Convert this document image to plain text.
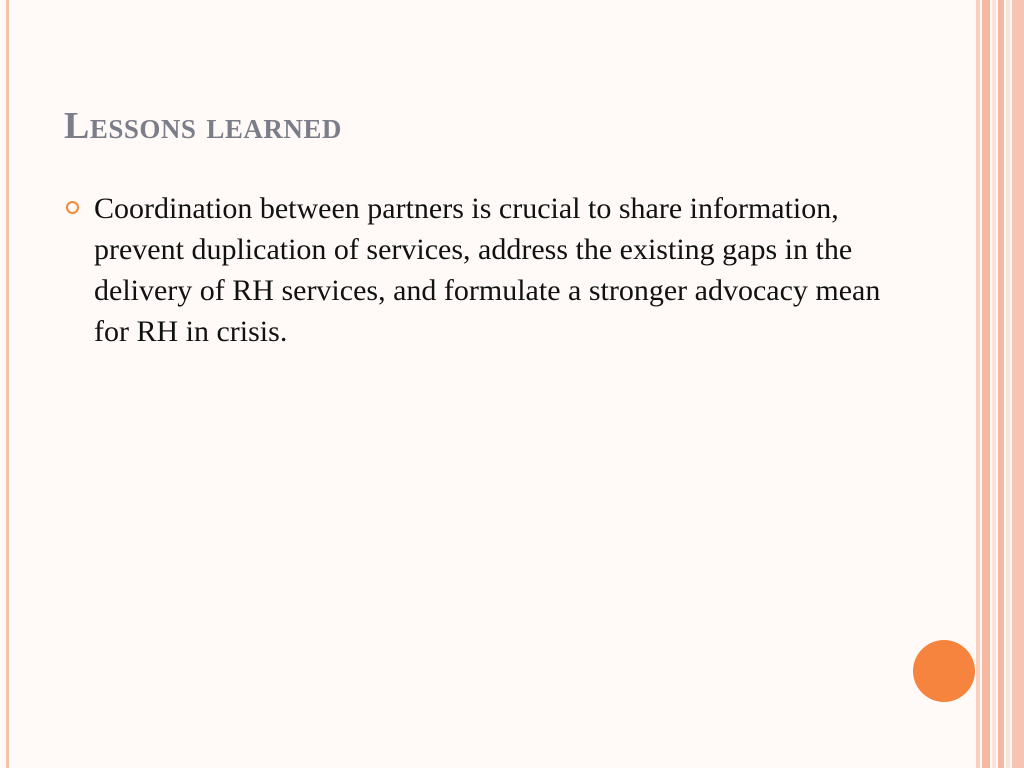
Lessons learned
Coordination between partners is crucial to share information, prevent duplication of services, address the existing gaps in the delivery of RH services, and formulate a stronger advocacy mean for RH in crisis.
